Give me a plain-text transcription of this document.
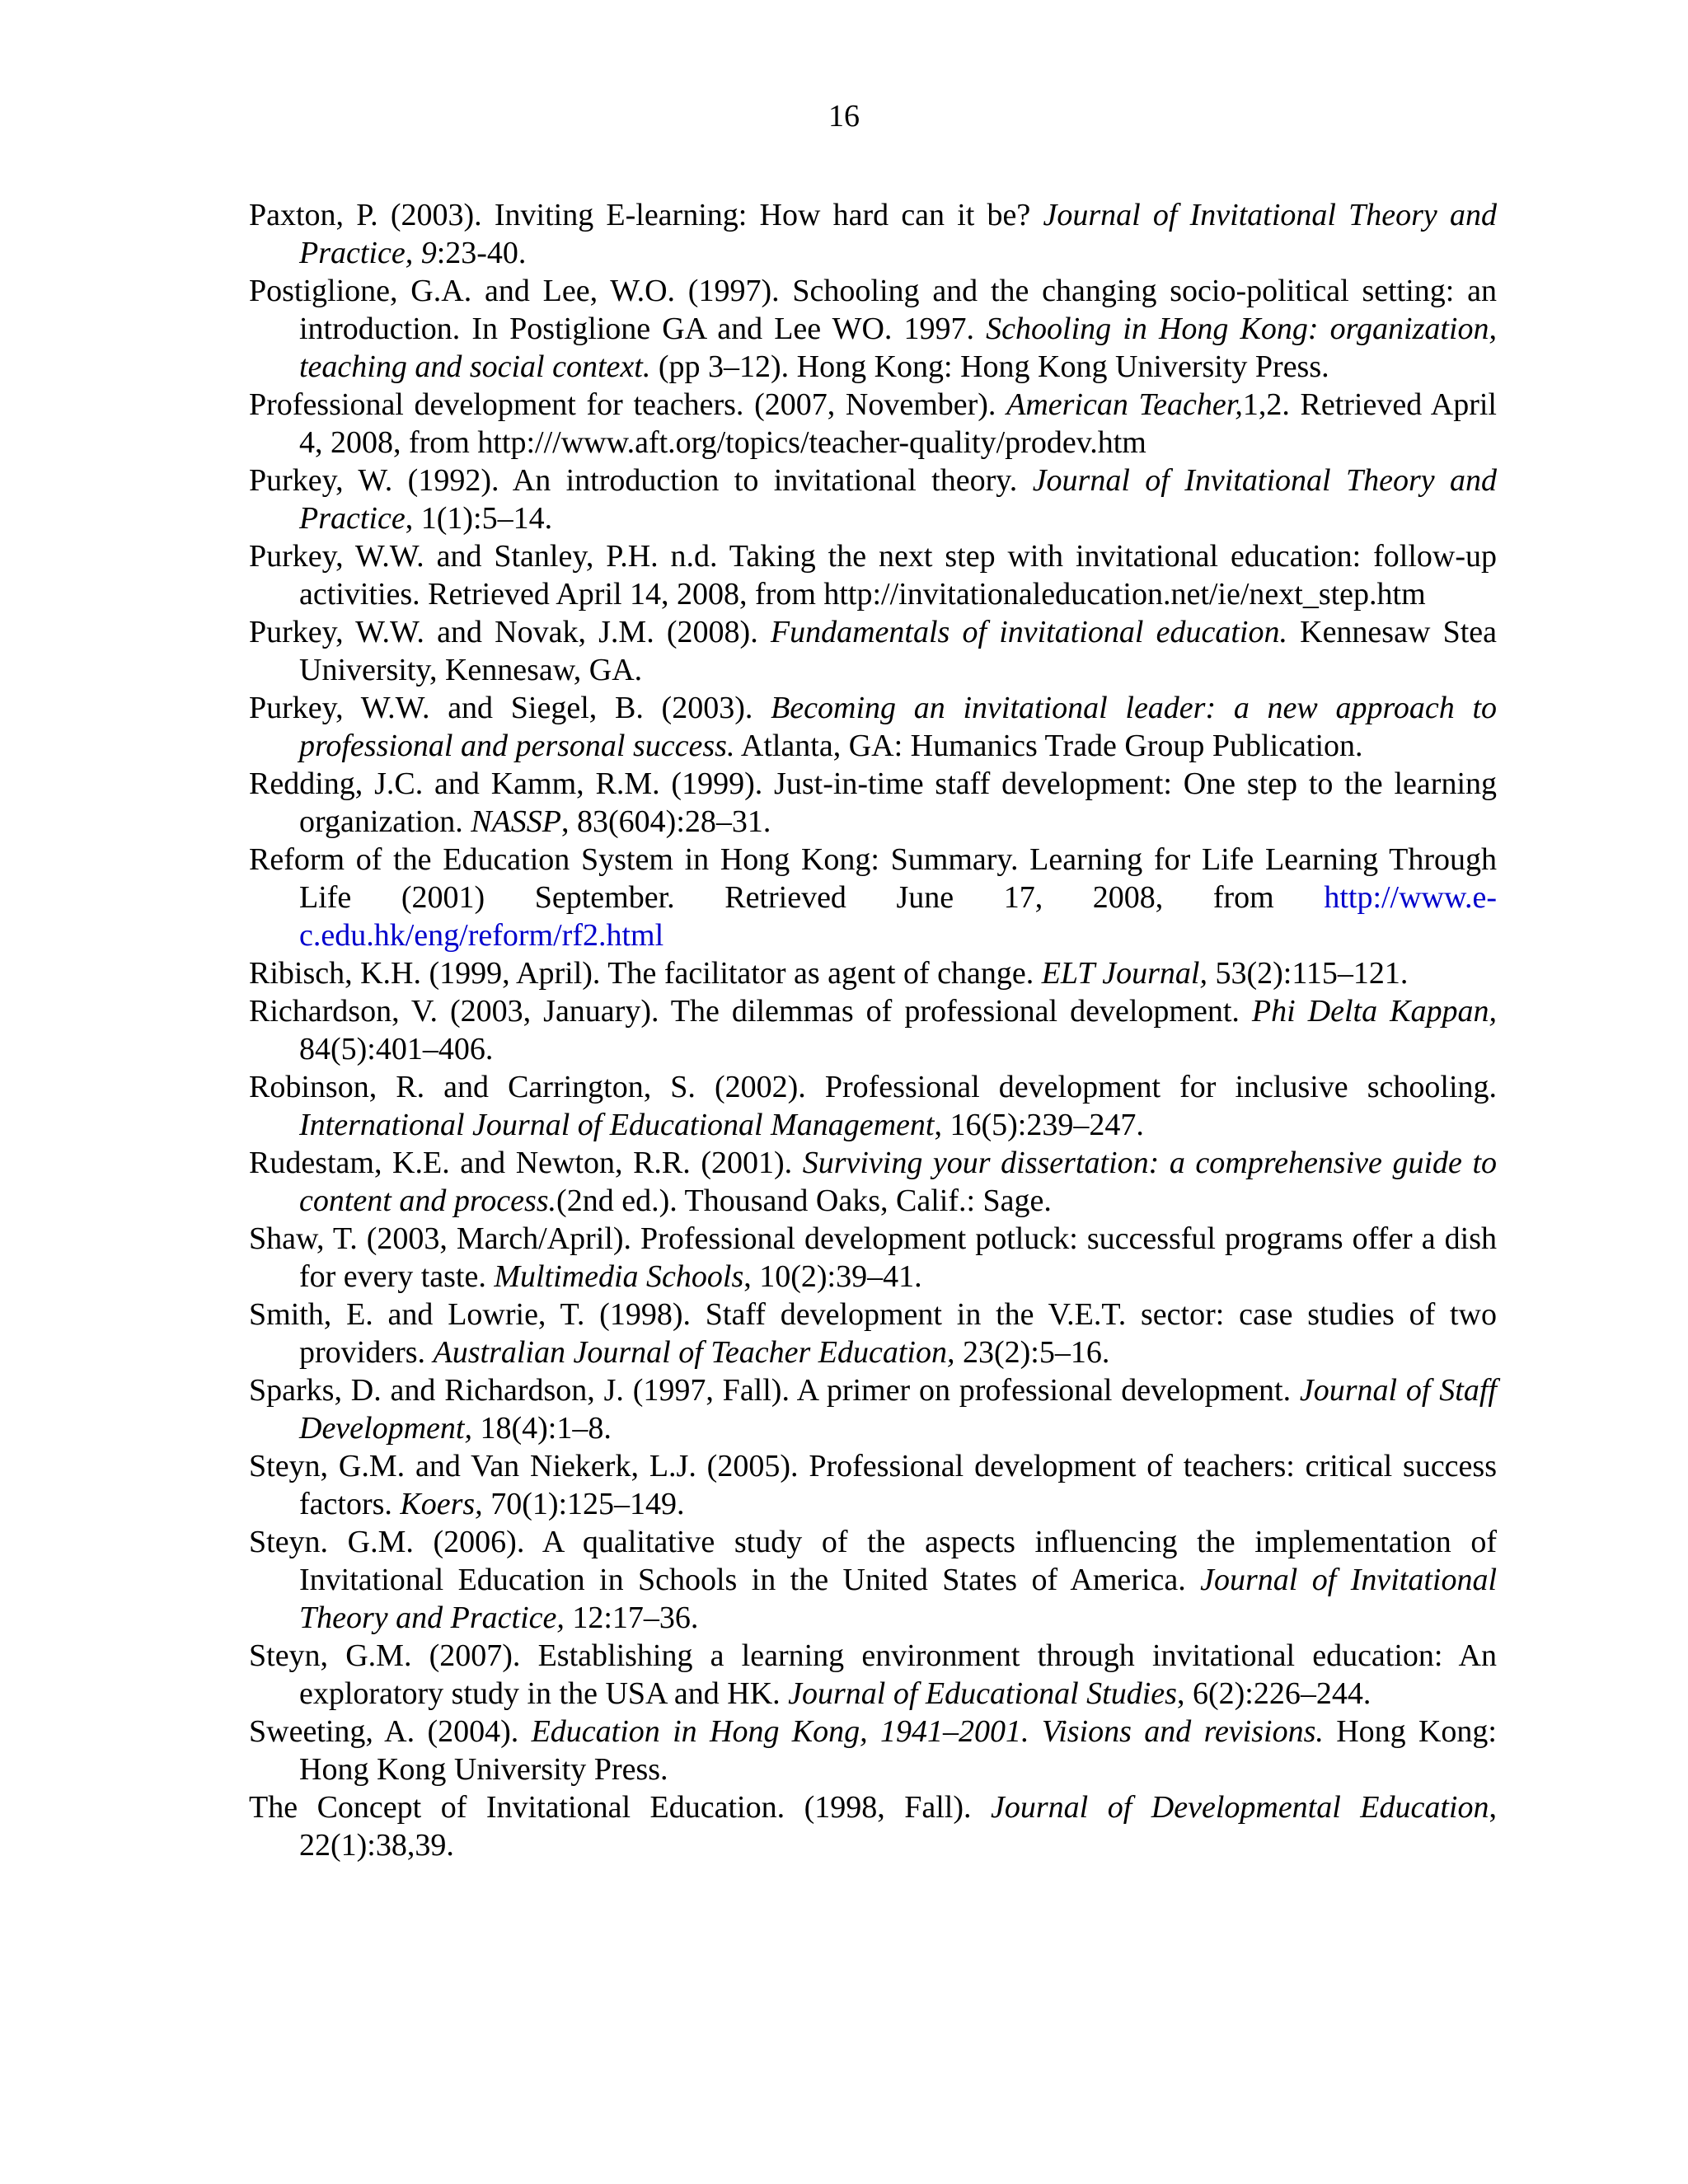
16

Paxton, P. (2003). Inviting E-learning: How hard can it be? Journal of Invitational Theory and Practice, 9:23-40.

Postiglione, G.A. and Lee, W.O. (1997). Schooling and the changing socio-political setting: an introduction. In Postiglione GA and Lee WO. 1997. Schooling in Hong Kong: organization, teaching and social context. (pp 3–12). Hong Kong: Hong Kong University Press.

Professional development for teachers. (2007, November). American Teacher,1,2. Retrieved April 4, 2008, from http:///www.aft.org/topics/teacher-quality/prodev.htm

Purkey, W. (1992). An introduction to invitational theory. Journal of Invitational Theory and Practice, 1(1):5–14.

Purkey, W.W. and Stanley, P.H. n.d. Taking the next step with invitational education: follow-up activities. Retrieved April 14, 2008, from http://invitationaleducation.net/ie/next_step.htm

Purkey, W.W. and Novak, J.M. (2008). Fundamentals of invitational education. Kennesaw Stea University, Kennesaw, GA.

Purkey, W.W. and Siegel, B. (2003). Becoming an invitational leader: a new approach to professional and personal success. Atlanta, GA: Humanics Trade Group Publication.

Redding, J.C. and Kamm, R.M. (1999). Just-in-time staff development: One step to the learning organization. NASSP, 83(604):28–31.

Reform of the Education System in Hong Kong: Summary. Learning for Life Learning Through Life (2001) September. Retrieved June 17, 2008, from http://www.e-c.edu.hk/eng/reform/rf2.html

Ribisch, K.H. (1999, April). The facilitator as agent of change. ELT Journal, 53(2):115–121.

Richardson, V. (2003, January). The dilemmas of professional development. Phi Delta Kappan, 84(5):401–406.

Robinson, R. and Carrington, S. (2002). Professional development for inclusive schooling. International Journal of Educational Management, 16(5):239–247.

Rudestam, K.E. and Newton, R.R. (2001). Surviving your dissertation: a comprehensive guide to content and process.(2nd ed.). Thousand Oaks, Calif.: Sage.

Shaw, T. (2003, March/April). Professional development potluck: successful programs offer a dish for every taste. Multimedia Schools, 10(2):39–41.

Smith, E. and Lowrie, T. (1998). Staff development in the V.E.T. sector: case studies of two providers. Australian Journal of Teacher Education, 23(2):5–16.

Sparks, D. and Richardson, J. (1997, Fall). A primer on professional development. Journal of Staff Development, 18(4):1–8.

Steyn, G.M. and Van Niekerk, L.J. (2005). Professional development of teachers: critical success factors. Koers, 70(1):125–149.

Steyn. G.M. (2006). A qualitative study of the aspects influencing the implementation of Invitational Education in Schools in the United States of America. Journal of Invitational Theory and Practice, 12:17–36.

Steyn, G.M. (2007). Establishing a learning environment through invitational education: An exploratory study in the USA and HK. Journal of Educational Studies, 6(2):226–244.

Sweeting, A. (2004). Education in Hong Kong, 1941–2001. Visions and revisions. Hong Kong: Hong Kong University Press.

The Concept of Invitational Education. (1998, Fall). Journal of Developmental Education, 22(1):38,39.
